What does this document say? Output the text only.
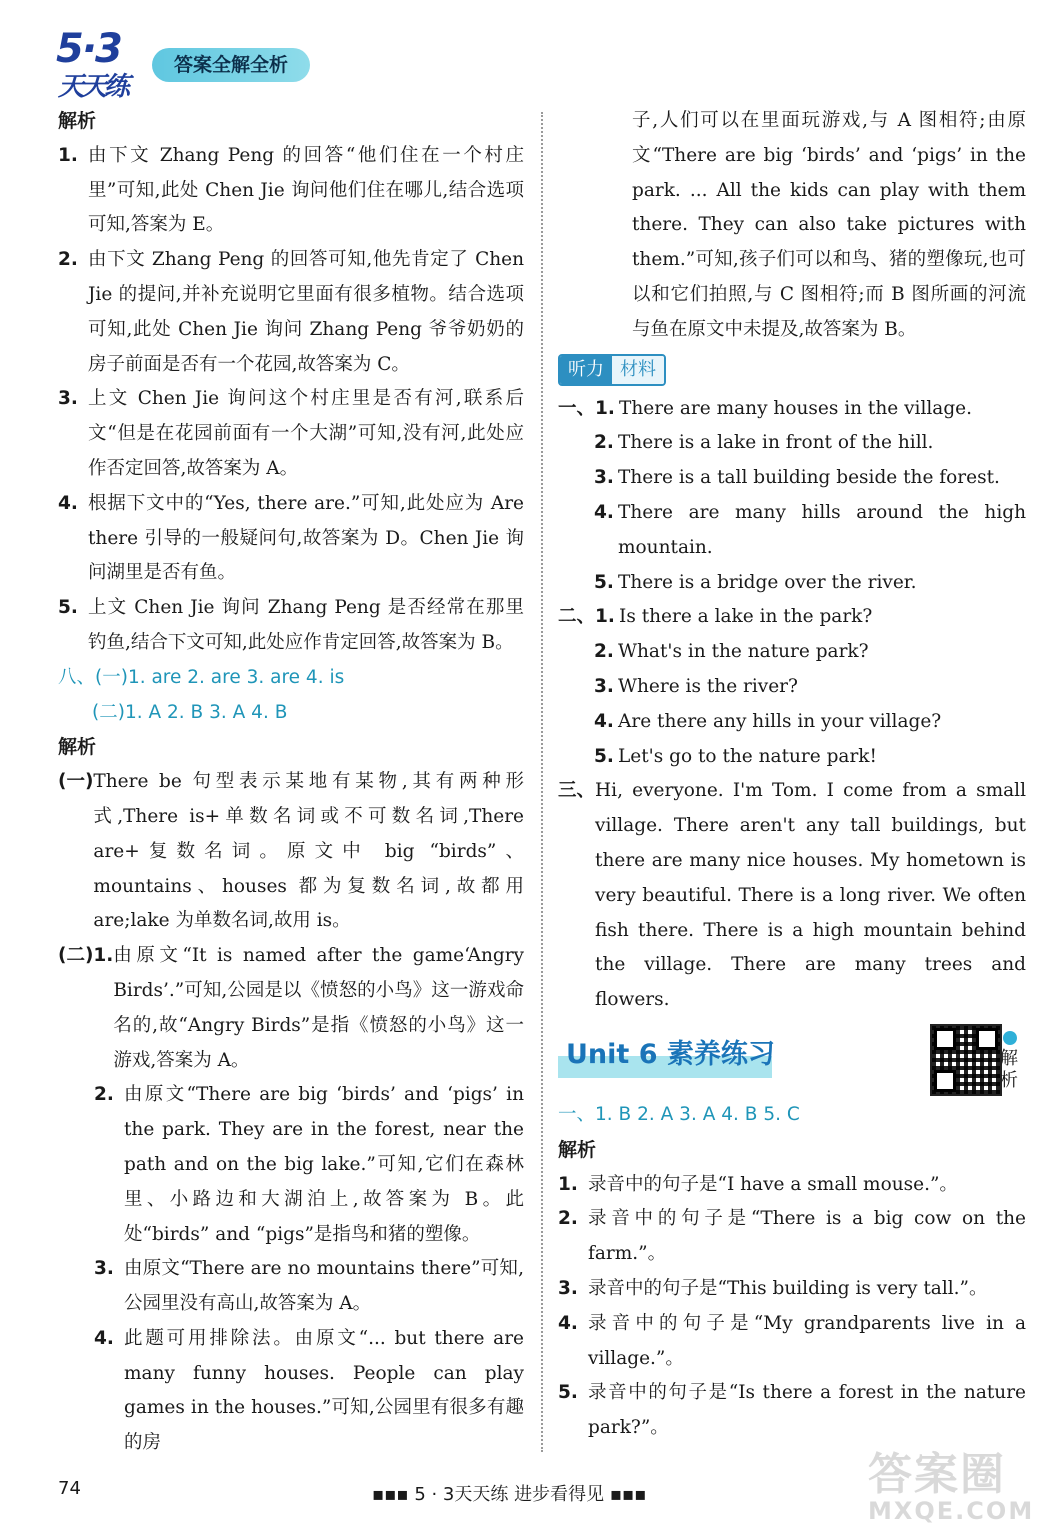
5·3
天天练
答案全解全析
解析
1. 由下文 Zhang Peng 的回答“他们住在一个村庄里”可知,此处 Chen Jie 询问他们住在哪儿,结合选项可知,答案为 E。
2. 由下文 Zhang Peng 的回答可知,他先肯定了 Chen Jie 的提问,并补充说明它里面有很多植物。结合选项可知,此处 Chen Jie 询问 Zhang Peng 爷爷奶奶的房子前面是否有一个花园,故答案为 C。
3. 上文 Chen Jie 询问这个村庄里是否有河,联系后文“但是在花园前面有一个大湖”可知,没有河,此处应作否定回答,故答案为 A。
4. 根据下文中的“Yes, there are.”可知,此处应为 Are there 引导的一般疑问句,故答案为 D。Chen Jie 询问湖里是否有鱼。
5. 上文 Chen Jie 询问 Zhang Peng 是否经常在那里钓鱼,结合下文可知,此处应作肯定回答,故答案为 B。
八、(一)1. are 2. are 3. are 4. is
(二)1. A 2. B 3. A 4. B
解析
(一) There be 句型表示某地有某物,其有两种形式,There is+单数名词或不可数名词,There are+复数名词。原文中 big “birds”、mountains、houses 都为复数名词,故都用 are;lake 为单数名词,故用 is。
(二)1. 由原文“It is named after the game‘Angry Birds’.”可知,公园是以《愤怒的小鸟》这一游戏命名的,故“Angry Birds”是指《愤怒的小鸟》这一游戏,答案为 A。
2. 由原文“There are big ‘birds’ and ‘pigs’ in the park. They are in the forest, near the path and on the big lake.”可知,它们在森林里、小路边和大湖泊上,故答案为 B。此处“birds” and “pigs”是指鸟和猪的塑像。
3. 由原文“There are no mountains there”可知,公园里没有高山,故答案为 A。
4. 此题可用排除法。由原文“... but there are many funny houses. People can play games in the houses.”可知,公园里有很多有趣的房
子,人们可以在里面玩游戏,与 A 图相符;由原文“There are big ‘birds’ and ‘pigs’ in the park. ... All the kids can play with them there. They can also take pictures with them.”可知,孩子们可以和鸟、猪的塑像玩,也可以和它们拍照,与 C 图相符;而 B 图所画的河流与鱼在原文中未提及,故答案为 B。
听力 材料
一、 1. There are many houses in the village.
2. There is a lake in front of the hill.
3. There is a tall building beside the forest.
4. There are many hills around the high mountain.
5. There is a bridge over the river.
二、 1. Is there a lake in the park?
2. What's in the nature park?
3. Where is the river?
4. Are there any hills in your village?
5. Let's go to the nature park!
三、 Hi, everyone. I'm Tom. I come from a small village. There aren't any tall buildings, but there are many nice houses. My hometown is very beautiful. There is a long river. We often fish there. There is a high mountain behind the village. There are many trees and flowers.
Unit 6 素养练习
一、1. B 2. A 3. A 4. B 5. C
解析
1. 录音中的句子是“I have a small mouse.”。
2. 录音中的句子是“There is a big cow on the farm.”。
3. 录音中的句子是“This building is very tall.”。
4. 录音中的句子是“My grandparents live in a village.”。
5. 录音中的句子是“Is there a forest in the nature park?”。
解析
74	▪▪▪ 5 · 3天天练 进步看得见 ▪▪▪	答案圈
MXQE.COM
